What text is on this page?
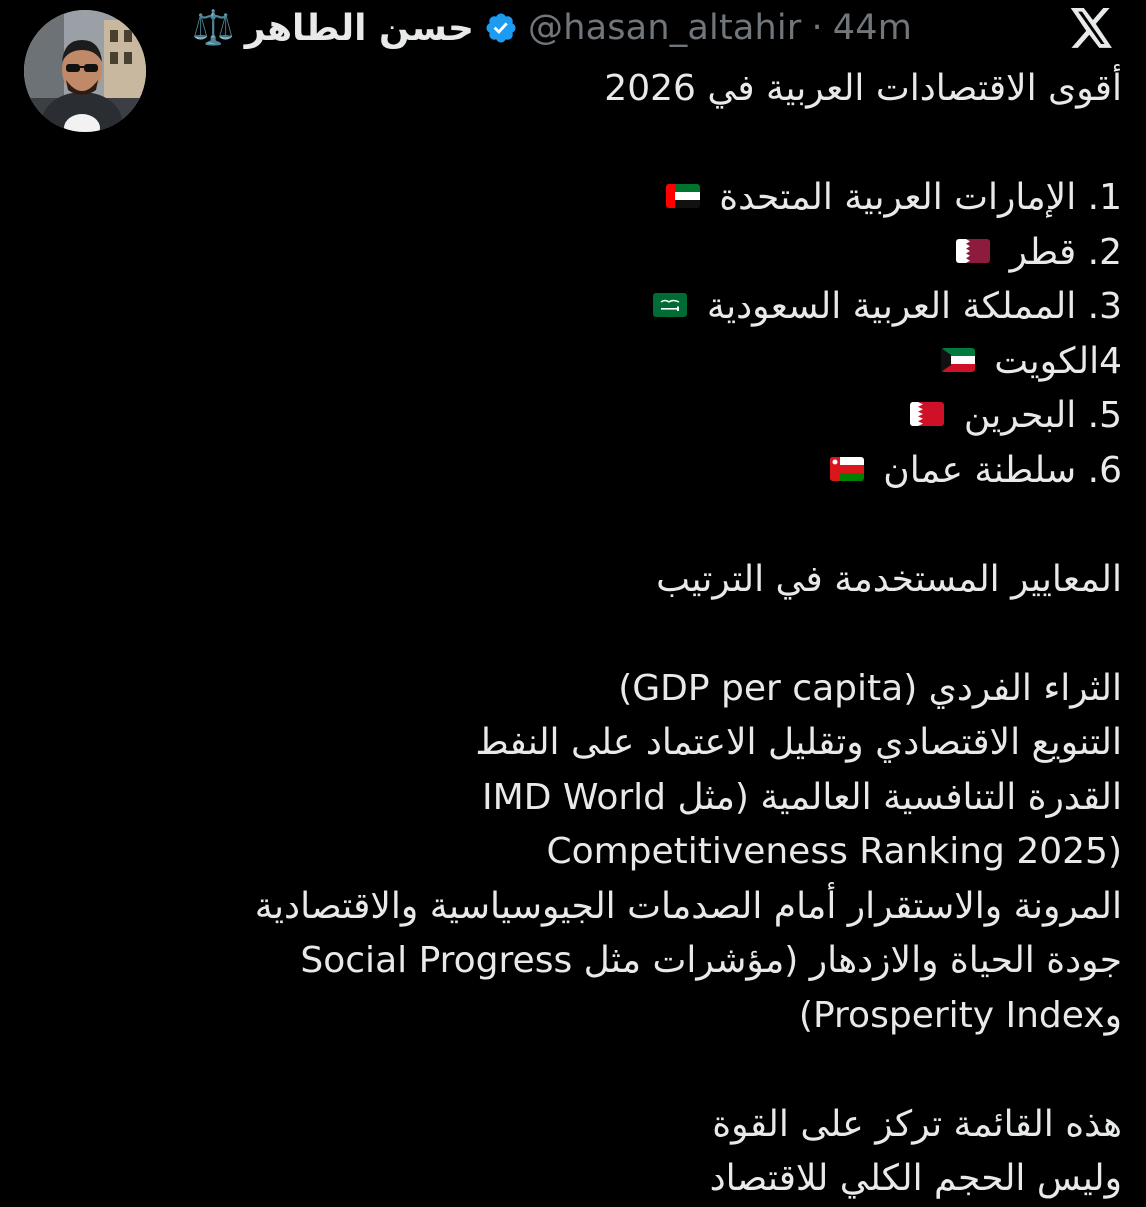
⚖️ حسن الطاهر @hasan_altahir · 44m
أقوى الاقتصادات العربية في 2026
1. الإمارات العربية المتحدة
2. قطر
3. المملكة العربية السعودية
4الكويت
5. البحرين
6. سلطنة عمان
المعايير المستخدمة في الترتيب
الثراء الفردي (GDP per capita)
التنويع الاقتصادي وتقليل الاعتماد على النفط
القدرة التنافسية العالمية (مثل IMD World
Competitiveness Ranking 2025)
المرونة والاستقرار أمام الصدمات الجيوسياسية والاقتصادية
جودة الحياة والازدهار (مؤشرات مثل Social Progress
وProsperity Index)
هذه القائمة تركز على القوة
وليس الحجم الكلي للاقتصاد
